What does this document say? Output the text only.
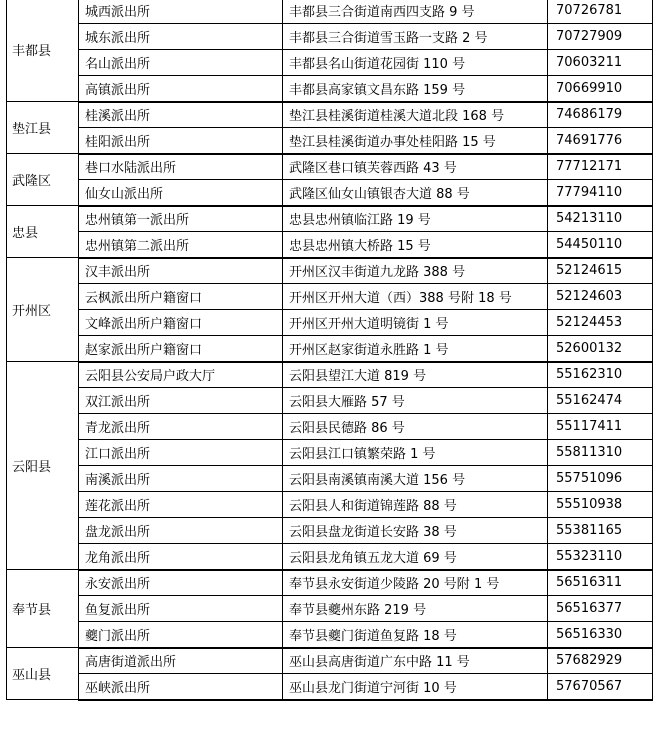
丰都县	城西派出所	丰都县三合街道南西四支路 9 号	70726781
	城东派出所	丰都县三合街道雪玉路一支路 2 号	70727909
	名山派出所	丰都县名山街道花园街 110 号	70603211
	高镇派出所	丰都县高家镇文昌东路 159 号	70669910
垫江县	桂溪派出所	垫江县桂溪街道桂溪大道北段 168 号	74686179
	桂阳派出所	垫江县桂溪街道办事处桂阳路 15 号	74691776
武隆区	巷口水陆派出所	武隆区巷口镇芙蓉西路 43 号	77712171
	仙女山派出所	武隆区仙女山镇银杏大道 88 号	77794110
忠县	忠州镇第一派出所	忠县忠州镇临江路 19 号	54213110
	忠州镇第二派出所	忠县忠州镇大桥路 15 号	54450110
开州区	汉丰派出所	开州区汉丰街道九龙路 388 号	52124615
	云枫派出所户籍窗口	开州区开州大道（西）388 号附 18 号	52124603
	文峰派出所户籍窗口	开州区开州大道明镜街 1 号	52124453
	赵家派出所户籍窗口	开州区赵家街道永胜路 1 号	52600132
云阳县	云阳县公安局户政大厅	云阳县望江大道 819 号	55162310
	双江派出所	云阳县大雁路 57 号	55162474
	青龙派出所	云阳县民德路 86 号	55117411
	江口派出所	云阳县江口镇繁荣路 1 号	55811310
	南溪派出所	云阳县南溪镇南溪大道 156 号	55751096
	莲花派出所	云阳县人和街道锦莲路 88 号	55510938
	盘龙派出所	云阳县盘龙街道长安路 38 号	55381165
	龙角派出所	云阳县龙角镇五龙大道 69 号	55323110
奉节县	永安派出所	奉节县永安街道少陵路 20 号附 1 号	56516311
	鱼复派出所	奉节县夔州东路 219 号	56516377
	夔门派出所	奉节县夔门街道鱼复路 18 号	56516330
巫山县	高唐街道派出所	巫山县高唐街道广东中路 11 号	57682929
	巫峡派出所	巫山县龙门街道宁河街 10 号	57670567
